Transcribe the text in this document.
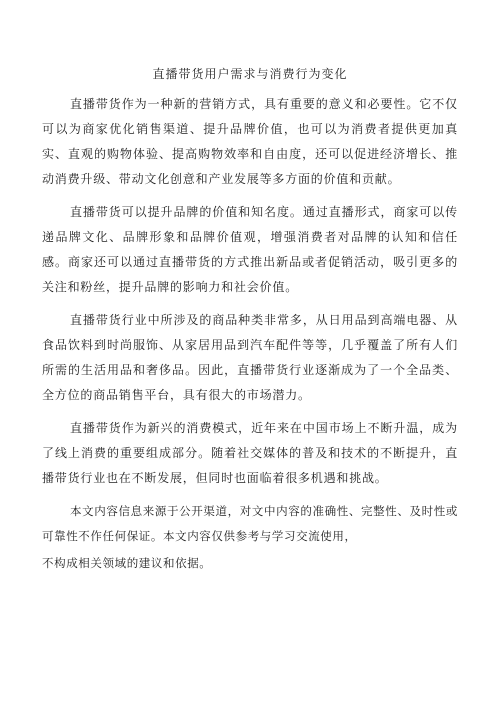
直播带货用户需求与消费行为变化

直播带货作为一种新的营销方式，具有重要的意义和必要性。它不仅可以为商家优化销售渠道、提升品牌价值，也可以为消费者提供更加真实、直观的购物体验、提高购物效率和自由度，还可以促进经济增长、推动消费升级、带动文化创意和产业发展等多方面的价值和贡献。

直播带货可以提升品牌的价值和知名度。通过直播形式，商家可以传递品牌文化、品牌形象和品牌价值观，增强消费者对品牌的认知和信任感。商家还可以通过直播带货的方式推出新品或者促销活动，吸引更多的关注和粉丝，提升品牌的影响力和社会价值。

直播带货行业中所涉及的商品种类非常多，从日用品到高端电器、从食品饮料到时尚服饰、从家居用品到汽车配件等等，几乎覆盖了所有人们所需的生活用品和奢侈品。因此，直播带货行业逐渐成为了一个全品类、全方位的商品销售平台，具有很大的市场潜力。

直播带货作为新兴的消费模式，近年来在中国市场上不断升温，成为了线上消费的重要组成部分。随着社交媒体的普及和技术的不断提升，直播带货行业也在不断发展，但同时也面临着很多机遇和挑战。

本文内容信息来源于公开渠道，对文中内容的准确性、完整性、及时性或可靠性不作任何保证。本文内容仅供参考与学习交流使用，

不构成相关领域的建议和依据。
